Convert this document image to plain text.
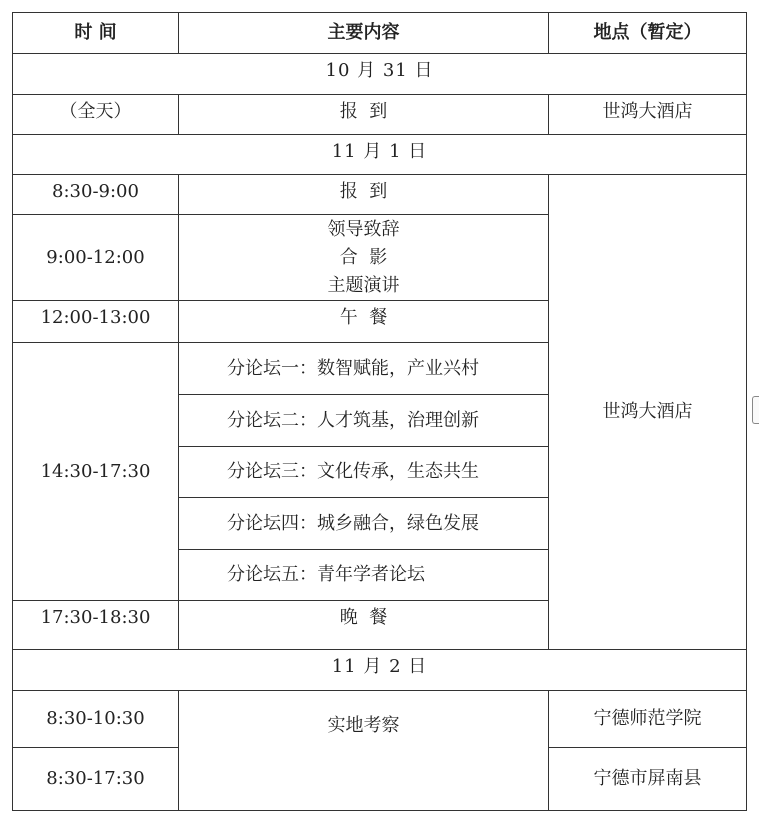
时 间	主要内容	地点（暂定）
10 月 31 日		
（全天）	报  到	世鸿大酒店
11 月 1 日		
8:30-9:00	报  到	世鸿大酒店
9:00-12:00	领导致辞
合  影
主题演讲	

12:00-13:00	午  餐	
14:30-17:30	分论坛一：数智赋能，产业兴村	
	分论坛二：人才筑基，治理创新	
	分论坛三：文化传承，生态共生	
	分论坛四：城乡融合，绿色发展	
	分论坛五：青年学者论坛	
17:30-18:30	晚  餐	
11 月 2 日		
8:30-10:30	实地考察	宁德师范学院
8:30-17:30		宁德市屏南县
